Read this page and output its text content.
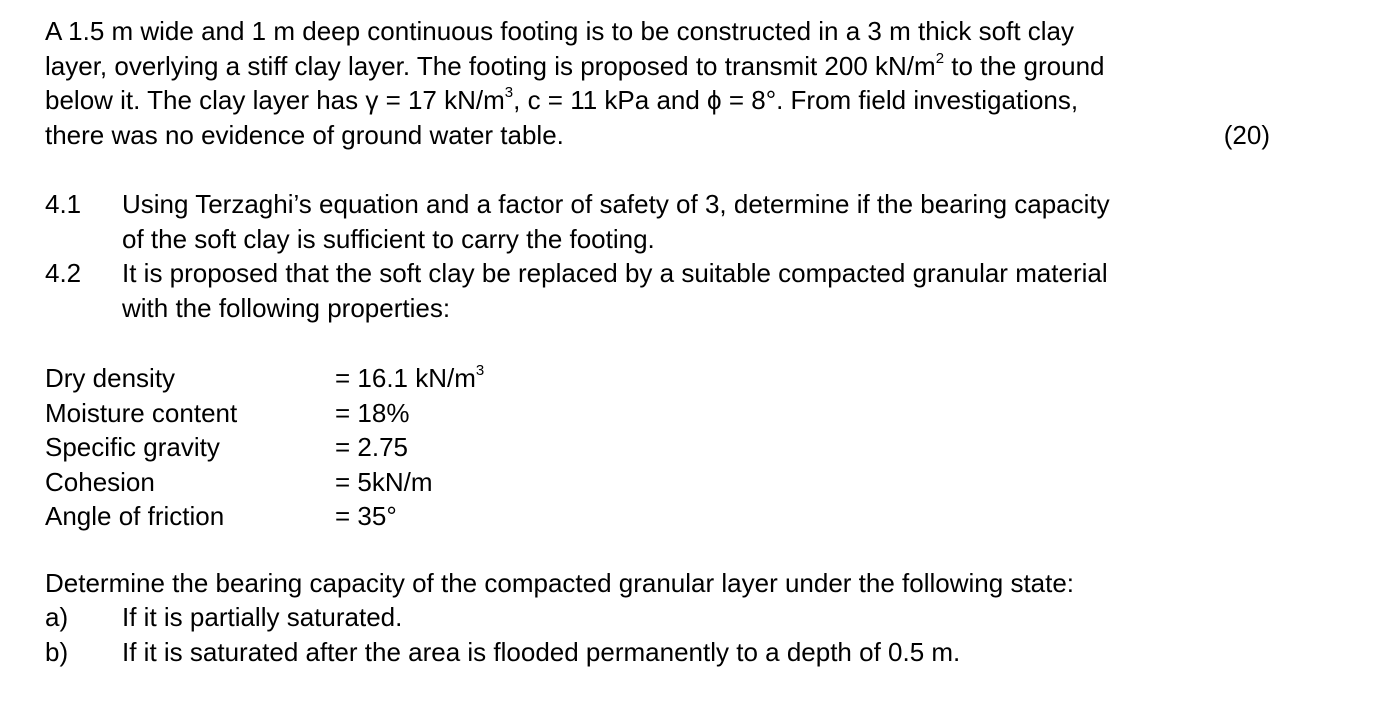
A 1.5 m wide and 1 m deep continuous footing is to be constructed in a 3 m thick soft clay
layer, overlying a stiff clay layer. The footing is proposed to transmit 200 $kN/m^2$ to the ground
below it. The clay layer has γ = 17 $kN/m^3$, c = 11 kPa and ϕ = 8°. From field investigations,
there was no evidence of ground water table.	(20)
4.1 Using Terzaghi’s equation and a factor of safety of 3, determine if the bearing capacity
of the soft clay is sufficient to carry the footing.
4.2 It is proposed that the soft clay be replaced by a suitable compacted granular material
with the following properties:
Dry density	= 16.1 $kN/m^3$
Moisture content	= 18%
Specific gravity	= 2.75
Cohesion	= 5kN/m
Angle of friction	= 35°
Determine the bearing capacity of the compacted granular layer under the following state:
a) If it is partially saturated.
b) If it is saturated after the area is flooded permanently to a depth of 0.5 m.
